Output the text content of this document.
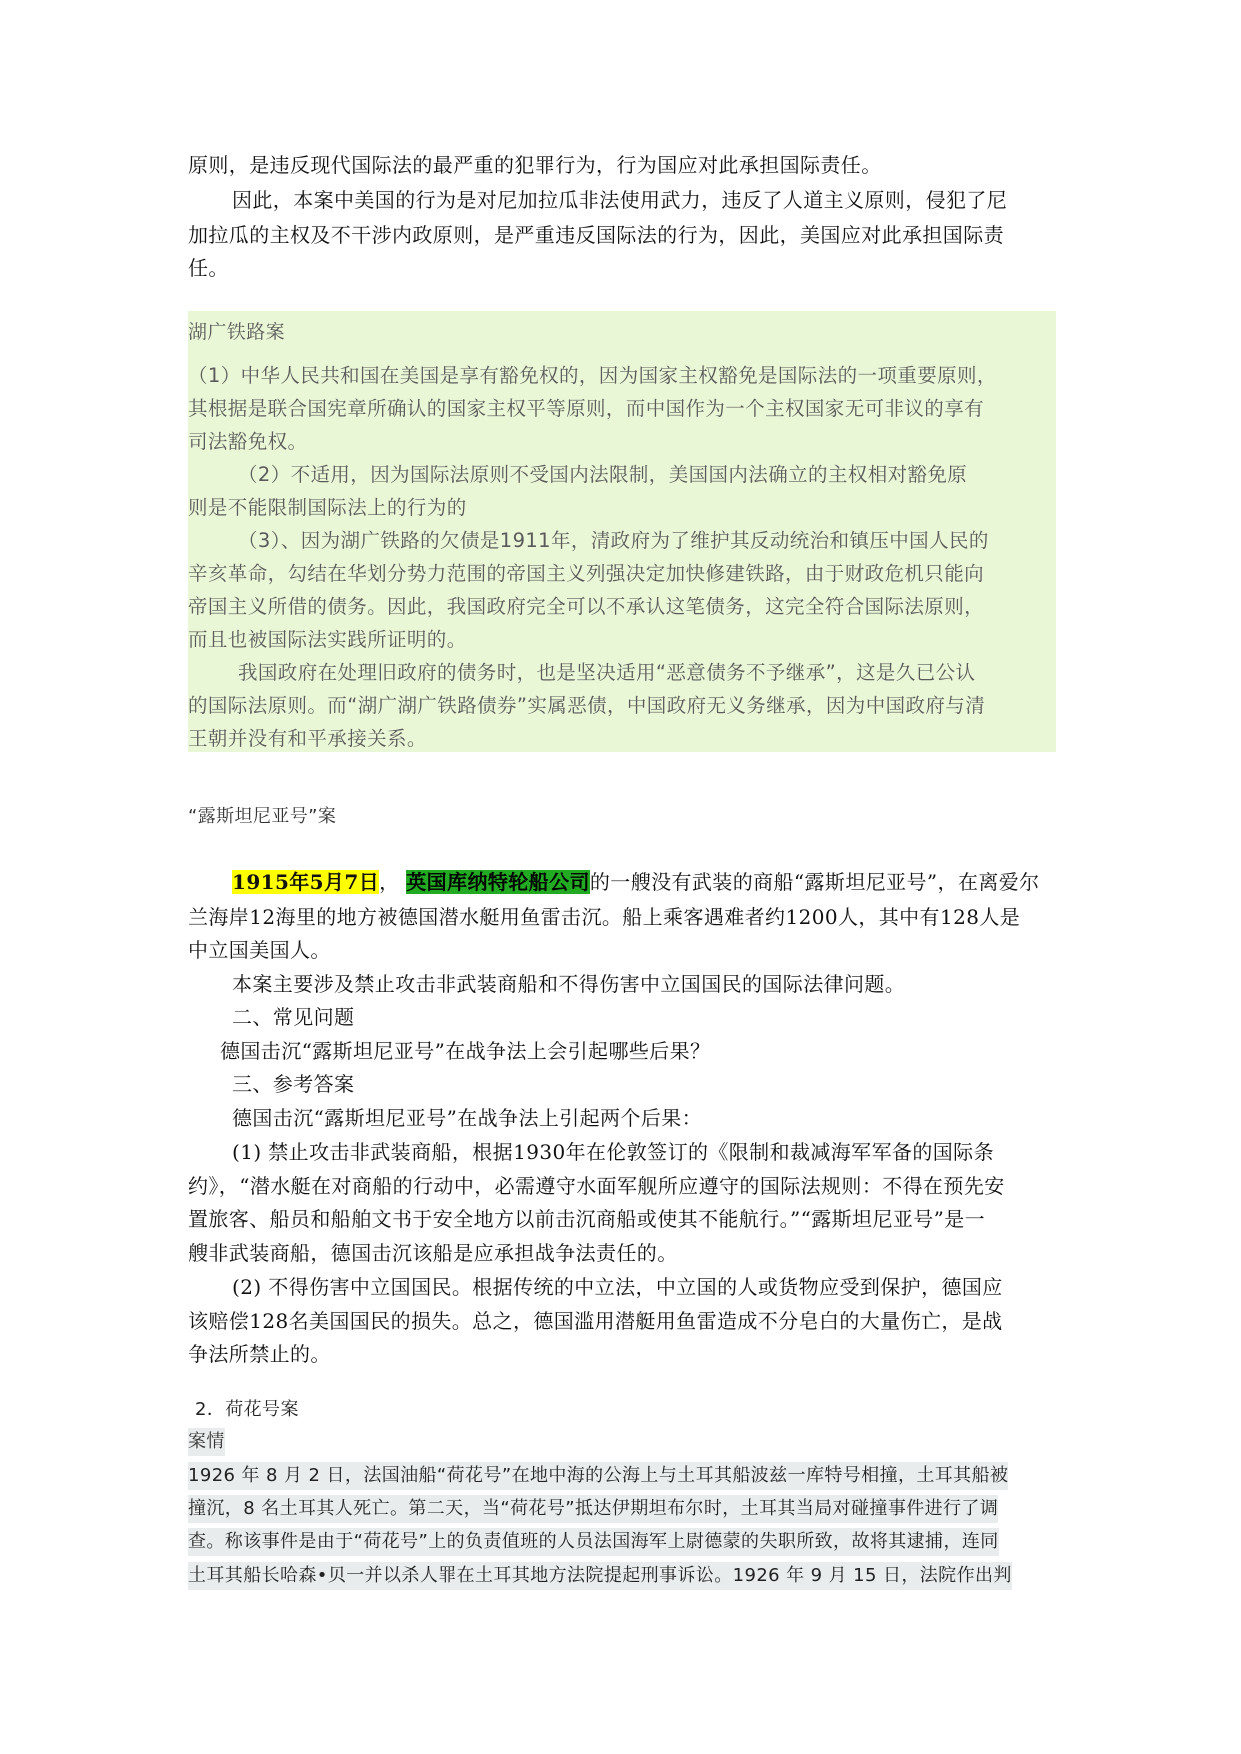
原则，是违反现代国际法的最严重的犯罪行为，行为国应对此承担国际责任。
因此，本案中美国的行为是对尼加拉瓜非法使用武力，违反了人道主义原则，侵犯了尼
加拉瓜的主权及不干涉内政原则，是严重违反国际法的行为，因此，美国应对此承担国际责
任。
湖广铁路案
（1）中华人民共和国在美国是享有豁免权的，因为国家主权豁免是国际法的一项重要原则，
其根据是联合国宪章所确认的国家主权平等原则，而中国作为一个主权国家无可非议的享有
司法豁免权。
（2）不适用，因为国际法原则不受国内法限制，美国国内法确立的主权相对豁免原
则是不能限制国际法上的行为的
（3）、因为湖广铁路的欠债是1911年，清政府为了维护其反动统治和镇压中国人民的
辛亥革命，勾结在华划分势力范围的帝国主义列强决定加快修建铁路，由于财政危机只能向
帝国主义所借的债务。因此，我国政府完全可以不承认这笔债务，这完全符合国际法原则，
而且也被国际法实践所证明的。
我国政府在处理旧政府的债务时，也是坚决适用“恶意债务不予继承”，这是久已公认
的国际法原则。而“湖广湖广铁路债券”实属恶债，中国政府无义务继承，因为中国政府与清
王朝并没有和平承接关系。
“露斯坦尼亚号”案
1915年5月7日， 英国库纳特轮船公司的一艘没有武装的商船“露斯坦尼亚号”，在离爱尔
兰海岸12海里的地方被德国潜水艇用鱼雷击沉。船上乘客遇难者约1200人，其中有128人是
中立国美国人。
本案主要涉及禁止攻击非武装商船和不得伤害中立国国民的国际法律问题。
二、常见问题
德国击沉“露斯坦尼亚号”在战争法上会引起哪些后果？
三、参考答案
德国击沉“露斯坦尼亚号”在战争法上引起两个后果：
(1) 禁止攻击非武装商船，根据1930年在伦敦签订的《限制和裁减海军军备的国际条
约》，“潜水艇在对商船的行动中，必需遵守水面军舰所应遵守的国际法规则：不得在预先安
置旅客、船员和船舶文书于安全地方以前击沉商船或使其不能航行。”“露斯坦尼亚号”是一
艘非武装商船，德国击沉该船是应承担战争法责任的。
(2) 不得伤害中立国国民。根据传统的中立法，中立国的人或货物应受到保护，德国应
该赔偿128名美国国民的损失。总之，德国滥用潜艇用鱼雷造成不分皂白的大量伤亡，是战
争法所禁止的。
2．荷花号案
案情
1926 年 8 月 2 日，法国油船“荷花号”在地中海的公海上与土耳其船波兹一库特号相撞，土耳其船被
撞沉，8 名土耳其人死亡。第二天，当“荷花号”抵达伊期坦布尔时，土耳其当局对碰撞事件进行了调
查。称该事件是由于“荷花号”上的负责值班的人员法国海军上尉德蒙的失职所致，故将其逮捕，连同
土耳其船长哈森•贝一并以杀人罪在土耳其地方法院提起刑事诉讼。1926 年 9 月 15 日，法院作出判
